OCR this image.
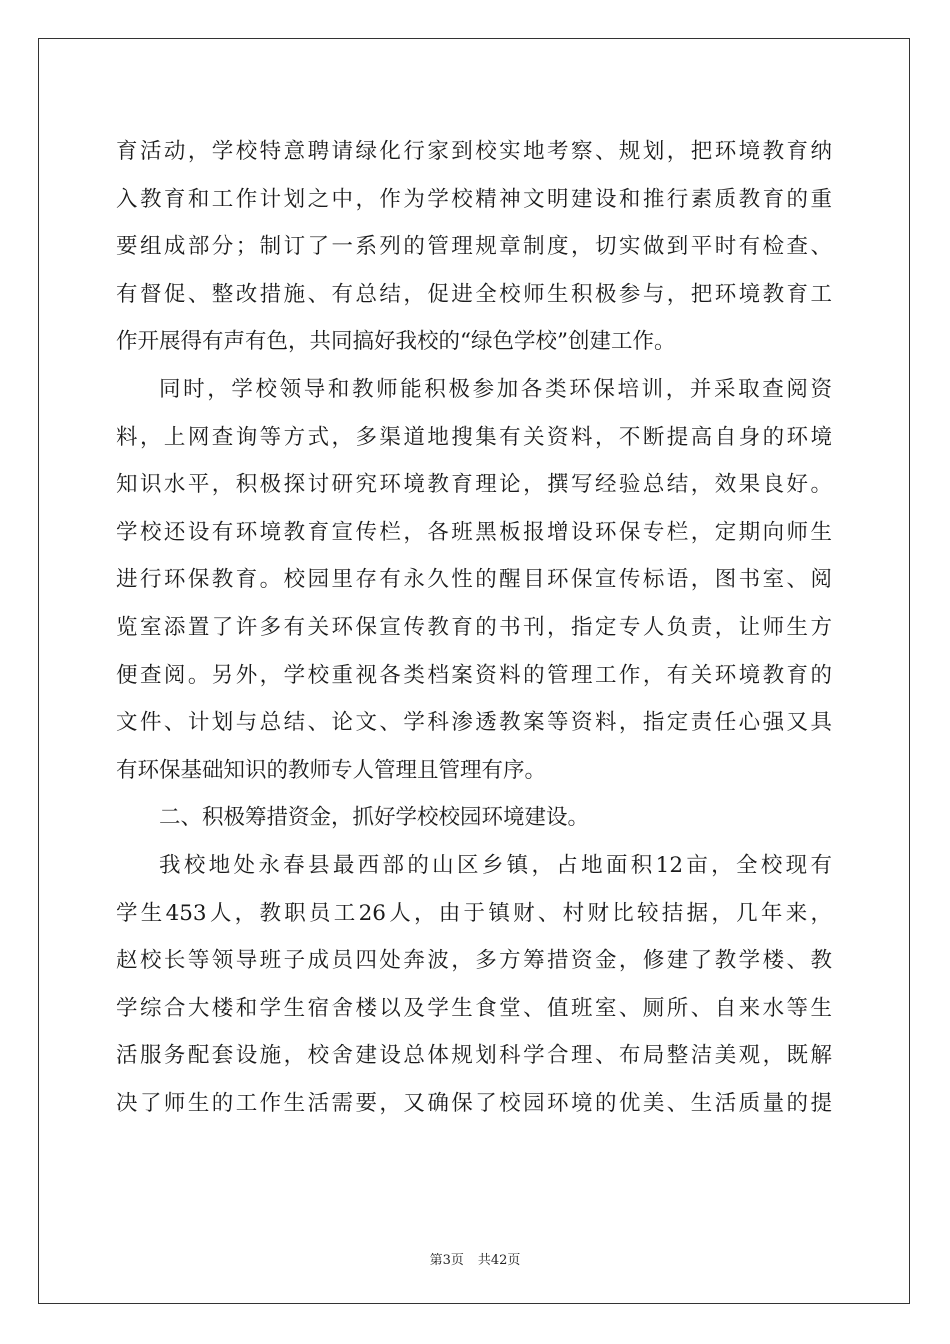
育活动，学校特意聘请绿化行家到校实地考察、规划，把环境教育纳
入教育和工作计划之中，作为学校精神文明建设和推行素质教育的重
要组成部分；制订了一系列的管理规章制度，切实做到平时有检查、
有督促、整改措施、有总结，促进全校师生积极参与，把环境教育工
作开展得有声有色，共同搞好我校的“绿色学校”创建工作。
同时，学校领导和教师能积极参加各类环保培训，并采取查阅资
料，上网查询等方式，多渠道地搜集有关资料，不断提高自身的环境
知识水平，积极探讨研究环境教育理论，撰写经验总结，效果良好。
学校还设有环境教育宣传栏，各班黑板报增设环保专栏，定期向师生
进行环保教育。校园里存有永久性的醒目环保宣传标语，图书室、阅
览室添置了许多有关环保宣传教育的书刊，指定专人负责，让师生方
便查阅。另外，学校重视各类档案资料的管理工作，有关环境教育的
文件、计划与总结、论文、学科渗透教案等资料，指定责任心强又具
有环保基础知识的教师专人管理且管理有序。
二、积极筹措资金，抓好学校校园环境建设。
我校地处永春县最西部的山区乡镇，占地面积12亩，全校现有
学生453人，教职员工26人，由于镇财、村财比较拮据，几年来，
赵校长等领导班子成员四处奔波，多方筹措资金，修建了教学楼、教
学综合大楼和学生宿舍楼以及学生食堂、值班室、厕所、自来水等生
活服务配套设施，校舍建设总体规划科学合理、布局整洁美观，既解
决了师生的工作生活需要，又确保了校园环境的优美、生活质量的提
第3页 共42页
